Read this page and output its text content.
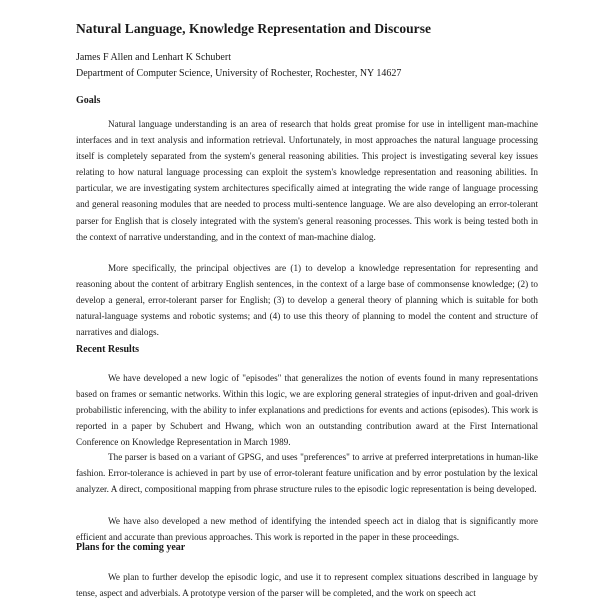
Natural Language, Knowledge Representation and Discourse
James F Allen and Lenhart K Schubert
Department of Computer Science, University of Rochester, Rochester, NY 14627
Goals

Natural language understanding is an area of research that holds great promise for use in intelligent man-machine interfaces and in text analysis and information retrieval. Unfortunately, in most approaches the natural language processing itself is completely separated from the system's general reasoning abilities. This project is investigating several key issues relating to how natural language processing can exploit the system's knowledge representation and reasoning abilities. In particular, we are investigating system architectures specifically aimed at integrating the wide range of language processing and general reasoning modules that are needed to process multi-sentence language. We are also developing an error-tolerant parser for English that is closely integrated with the system's general reasoning processes. This work is being tested both in the context of narrative understanding, and in the context of man-machine dialog.

More specifically, the principal objectives are (1) to develop a knowledge representation for representing and reasoning about the content of arbitrary English sentences, in the context of a large base of commonsense knowledge; (2) to develop a general, error-tolerant parser for English; (3) to develop a general theory of planning which is suitable for both natural-language systems and robotic systems; and (4) to use this theory of planning to model the content and structure of narratives and dialogs.

Recent Results

We have developed a new logic of "episodes" that generalizes the notion of events found in many representations based on frames or semantic networks. Within this logic, we are exploring general strategies of input-driven and goal-driven probabilistic inferencing, with the ability to infer explanations and predictions for events and actions (episodes). This work is reported in a paper by Schubert and Hwang, which won an outstanding contribution award at the First International Conference on Knowledge Representation in March 1989.

The parser is based on a variant of GPSG, and uses "preferences" to arrive at preferred interpretations in human-like fashion. Error-tolerance is achieved in part by use of error-tolerant feature unification and by error postulation by the lexical analyzer. A direct, compositional mapping from phrase structure rules to the episodic logic representation is being developed.

We have also developed a new method of identifying the intended speech act in dialog that is significantly more efficient and accurate than previous approaches. This work is reported in the paper in these proceedings.

Plans for the coming year

We plan to further develop the episodic logic, and use it to represent complex situations described in language by tense, aspect and adverbials. A prototype version of the parser will be completed, and the work on speech act
